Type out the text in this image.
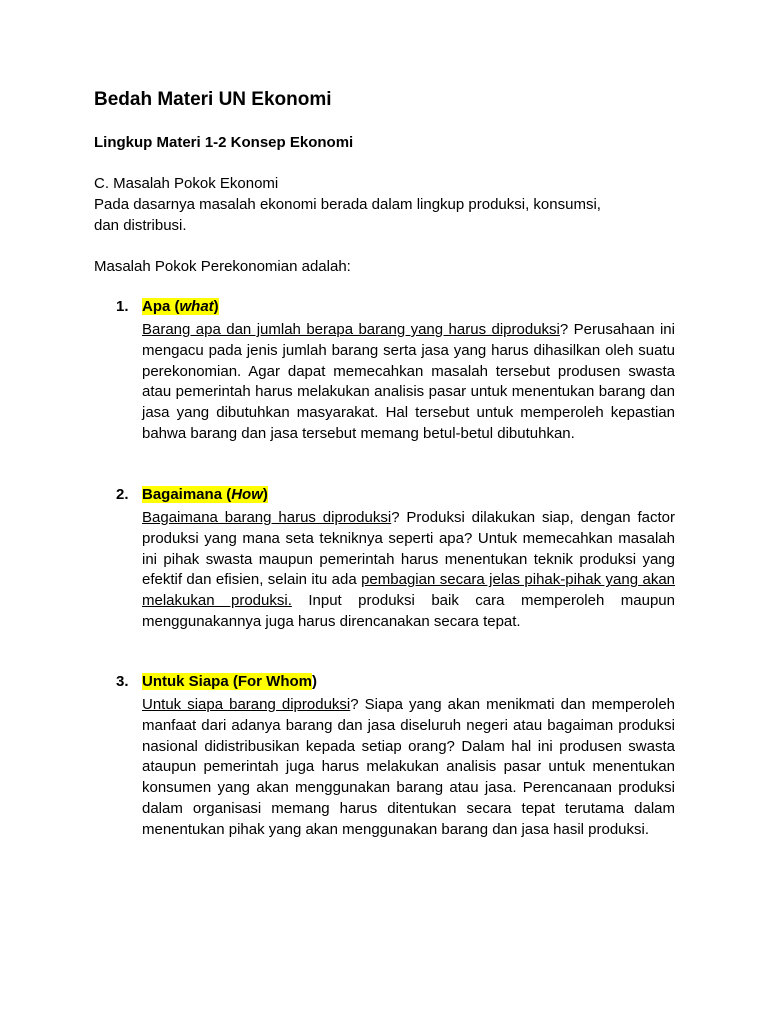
Bedah Materi UN Ekonomi
Lingkup Materi 1-2 Konsep Ekonomi

C. Masalah Pokok Ekonomi

Pada dasarnya masalah ekonomi berada dalam lingkup produksi, konsumsi,

dan distribusi.

Masalah Pokok Perekonomian adalah:

1. Apa (what)

Barang apa dan jumlah berapa barang yang harus diproduksi? Perusahaan ini mengacu pada jenis jumlah barang serta jasa yang harus dihasilkan oleh suatu perekonomian. Agar dapat memecahkan masalah tersebut produsen swasta atau pemerintah harus melakukan analisis pasar untuk menentukan barang dan jasa yang dibutuhkan masyarakat. Hal tersebut untuk memperoleh kepastian bahwa barang dan jasa tersebut memang betul-betul dibutuhkan.

2. Bagaimana (How)

Bagaimana barang harus diproduksi? Produksi dilakukan siap, dengan factor produksi yang mana seta tekniknya seperti apa? Untuk memecahkan masalah ini pihak swasta maupun pemerintah harus menentukan teknik produksi yang efektif dan efisien, selain itu ada pembagian secara jelas pihak-pihak yang akan melakukan produksi. Input produksi baik cara memperoleh maupun menggunakannya juga harus direncanakan secara tepat.

3. Untuk Siapa (For Whom)

Untuk siapa barang diproduksi? Siapa yang akan menikmati dan memperoleh manfaat dari adanya barang dan jasa diseluruh negeri atau bagaiman produksi nasional didistribusikan kepada setiap orang? Dalam hal ini produsen swasta ataupun pemerintah juga harus melakukan analisis pasar untuk menentukan konsumen yang akan menggunakan barang atau jasa. Perencanaan produksi dalam organisasi memang harus ditentukan secara tepat terutama dalam menentukan pihak yang akan menggunakan barang dan jasa hasil produksi.
